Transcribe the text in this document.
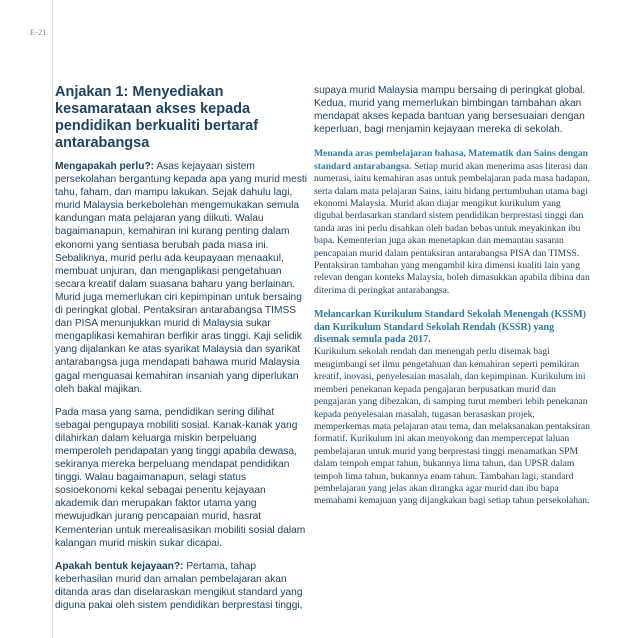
E-21
Anjakan 1: Menyediakan kesamarataan akses kepada pendidikan berkualiti bertaraf antarabangsa

Mengapakah perlu?: Asas kejayaan sistem persekolahan bergantung kepada apa yang murid mesti tahu, faham, dan mampu lakukan. Sejak dahulu lagi, murid Malaysia berkebolehan mengemukakan semula kandungan mata pelajaran yang diikuti. Walau bagaimanapun, kemahiran ini kurang penting dalam ekonomi yang sentiasa berubah pada masa ini. Sebaliknya, murid perlu ada keupayaan menaakul, membuat unjuran, dan mengaplikasi pengetahuan secara kreatif dalam suasana baharu yang berlainan. Murid juga memerlukan ciri kepimpinan untuk bersaing di peringkat global. Pentaksiran antarabangsa TIMSS dan PISA menunjukkan murid di Malaysia sukar mengaplikasi kemahiran berfikir aras tinggi. Kaji selidik yang dijalankan ke atas syarikat Malaysia dan syarikat antarabangsa juga mendapati bahawa murid Malaysia gagal menguasai kemahiran insaniah yang diperlukan oleh bakal majikan.

Pada masa yang sama, pendidikan sering dilihat sebagai pengupaya mobiliti sosial. Kanak-kanak yang dilahirkan dalam keluarga miskin berpeluang memperoleh pendapatan yang tinggi apabila dewasa, sekiranya mereka berpeluang mendapat pendidikan tinggi. Walau bagaimanapun, selagi status sosioekonomi kekal sebagai penentu kejayaan akademik dan merupakan faktor utama yang mewujudkan jurang pencapaian murid, hasrat Kementerian untuk merealisasikan mobiliti sosial dalam kalangan murid miskin sukar dicapai.

Apakah bentuk kejayaan?: Pertama, tahap keberhasilan murid dan amalan pembelajaran akan ditanda aras dan diselaraskan mengikut standard yang diguna pakai oleh sistem pendidikan berprestasi tinggi,

supaya murid Malaysia mampu bersaing di peringkat global. Kedua, murid yang memerlukan bimbingan tambahan akan mendapat akses kepada bantuan yang bersesuaian dengan keperluan, bagi menjamin kejayaan mereka di sekolah.

Menanda aras pembelajaran bahasa, Matematik dan Sains dengan standard antarabangsa. Setiap murid akan menerima asas literasi dan numerasi, iaitu kemahiran asas untuk pembelajaran pada masa hadapan, serta dalam mata pelajaran Sains, iaitu bidang pertumbuhan utama bagi ekonomi Malaysia. Murid akan diajar mengikut kurikulum yang digubal berdasarkan standard sistem pendidikan berprestasi tinggi dan tanda aras ini perlu disahkan oleh badan bebas untuk meyakinkan ibu bapa. Kementerian juga akan menetapkan dan memantau sasaran pencapaian murid dalam pentaksiran antarabangsa PISA dan TIMSS. Pentaksiran tambahan yang mengambil kira dimensi kualiti lain yang relevan dengan konteks Malaysia, boleh dimasukkan apabila dibina dan diterima di peringkat antarabangsa.

Melancarkan Kurikulum Standard Sekolah Menengah (KSSM) dan Kurikulum Standard Sekolah Rendah (KSSR) yang disemak semula pada 2017.

Kurikulum sekolah rendah dan menengah perlu disemak bagi mengimbangi set ilmu pengetahuan dan kemahiran seperti pemikiran kreatif, inovasi, penyelesaian masalah, dan kepimpinan. Kurikulum ini memberi penekanan kepada pengajaran berpusatkan murid dan pengajaran yang dibezakan, di samping turut memberi lebih penekanan kepada penyelesaian masalah, tugasan berasaskan projek, memperkemas mata pelajaran atau tema, dan melaksanakan pentaksiran formatif. Kurikulum ini akan menyokong dan mempercepat laluan pembelajaran untuk murid yang berprestasi tinggi menamatkan SPM dalam tempoh empat tahun, bukannya lima tahun, dan UPSR dalam tempoh lima tahun, bukannya enam tahun. Tambahan lagi, standard pembelajaran yang jelas akan dirangka agar murid dan ibu bapa memahami kemajuan yang dijangkakan bagi setiap tahun persekolahan.
